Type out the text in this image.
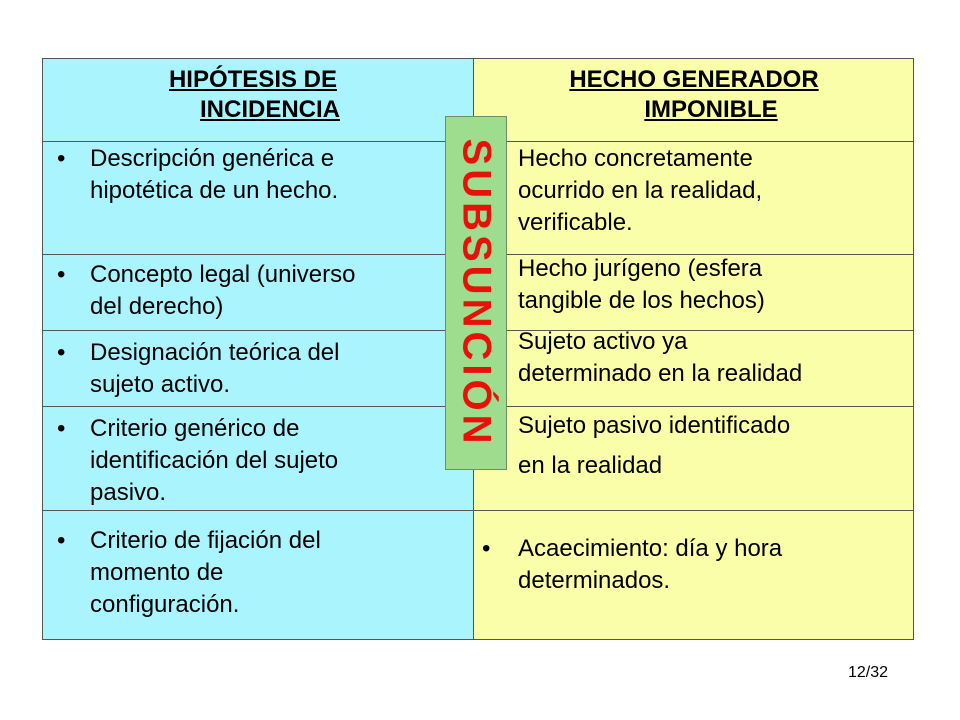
HIPÓTESIS DE
INCIDENCIA
• Descripción genérica e
hipotética de un hecho.
• Concepto legal (universo
del derecho)
• Designación teórica del
sujeto activo.
• Criterio genérico de
identificación del sujeto
pasivo.
• Criterio de fijación del
momento de
configuración.
HECHO GENERADOR
IMPONIBLE
Hecho concretamente
ocurrido en la realidad,
verificable.
Hecho jurígeno (esfera
tangible de los hechos)
Sujeto activo ya
determinado en la realidad
Sujeto pasivo identificado
en la realidad
• Acaecimiento: día y hora
determinados.
SUBSUNCIÓN
12/32
